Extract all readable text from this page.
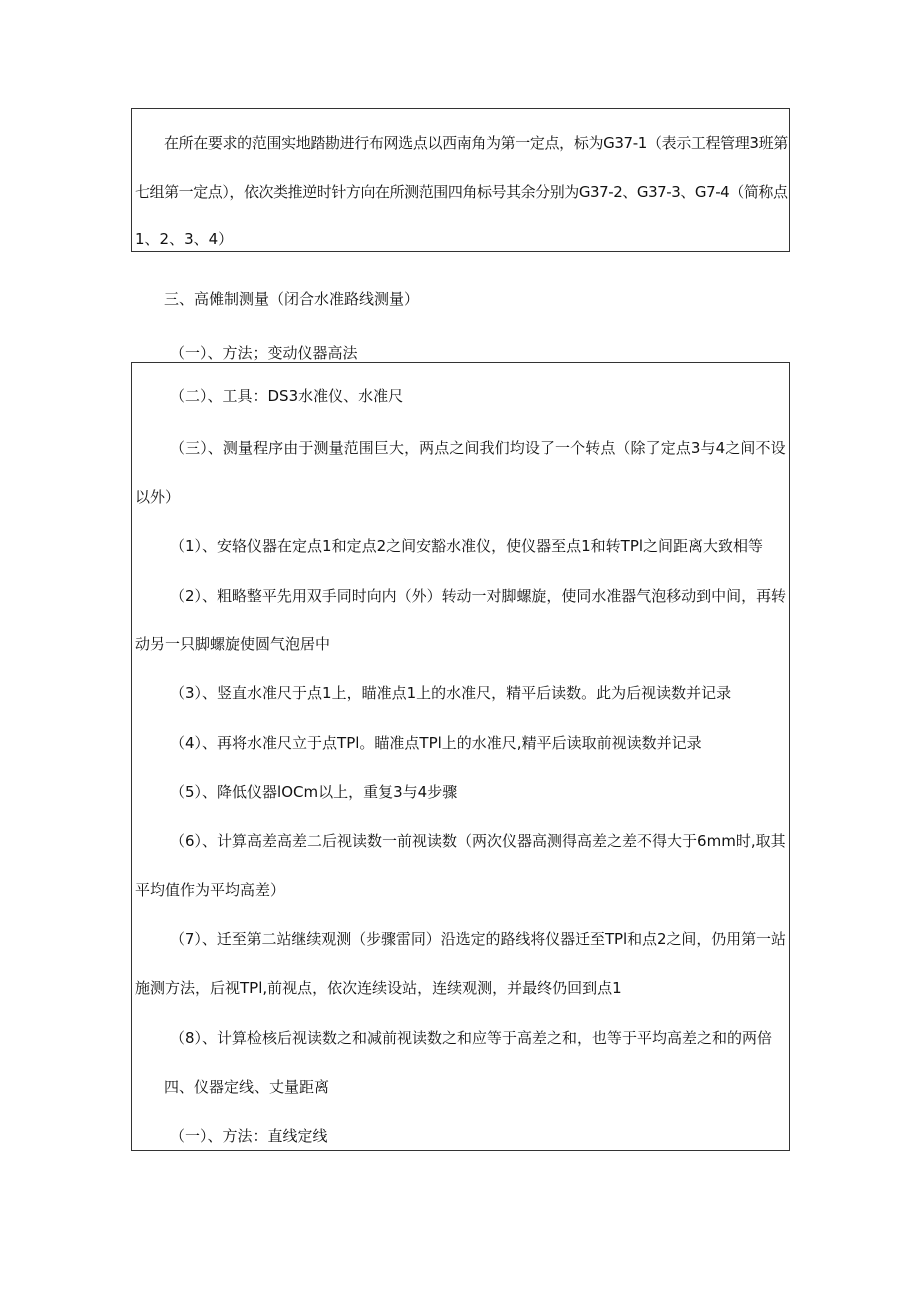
在所在要求的范围实地踏勘进行布网选点以西南角为第一定点，标为G37-1（表示工程管理3班第
七组第一定点），依次类推逆时针方向在所测范围四角标号其余分别为G37-2、G37-3、G7-4（简称点
1、2、3、4）
三、高傩制测量（闭合水准路线测量）
（一）、方法；变动仪器高法
（二）、工具：DS3水准仪、水准尺
（三）、测量程序由于测量范围巨大，两点之间我们均设了一个转点（除了定点3与4之间不设
以外）
（1）、安辂仪器在定点1和定点2之间安豁水准仪，使仪器至点1和转TPl之间距离大致相等
（2）、粗略整平先用双手同时向内（外）转动一对脚螺旋，使同水准器气泡移动到中间，再转
动另一只脚螺旋使圆气泡居中
（3）、竖直水准尺于点1上，瞄准点1上的水准尺，精平后读数。此为后视读数并记录
（4）、再将水准尺立于点TPl。瞄准点TPl上的水准尺,精平后读取前视读数并记录
（5）、降低仪器lOCm以上，重复3与4步骤
（6）、计算高差高差二后视读数一前视读数（两次仪器高测得高差之差不得大于6mm时,取其
平均值作为平均高差）
（7）、迁至第二站继续观测（步骤雷同）沿选定的路线将仪器迁至TPl和点2之间，仍用第一站
施测方法，后视TPl,前视点，依次连续设站，连续观测，并最终仍回到点1
（8）、计算检核后视读数之和减前视读数之和应等于高差之和，也等于平均高差之和的两倍
四、仪器定线、丈量距离
（一）、方法：直线定线
